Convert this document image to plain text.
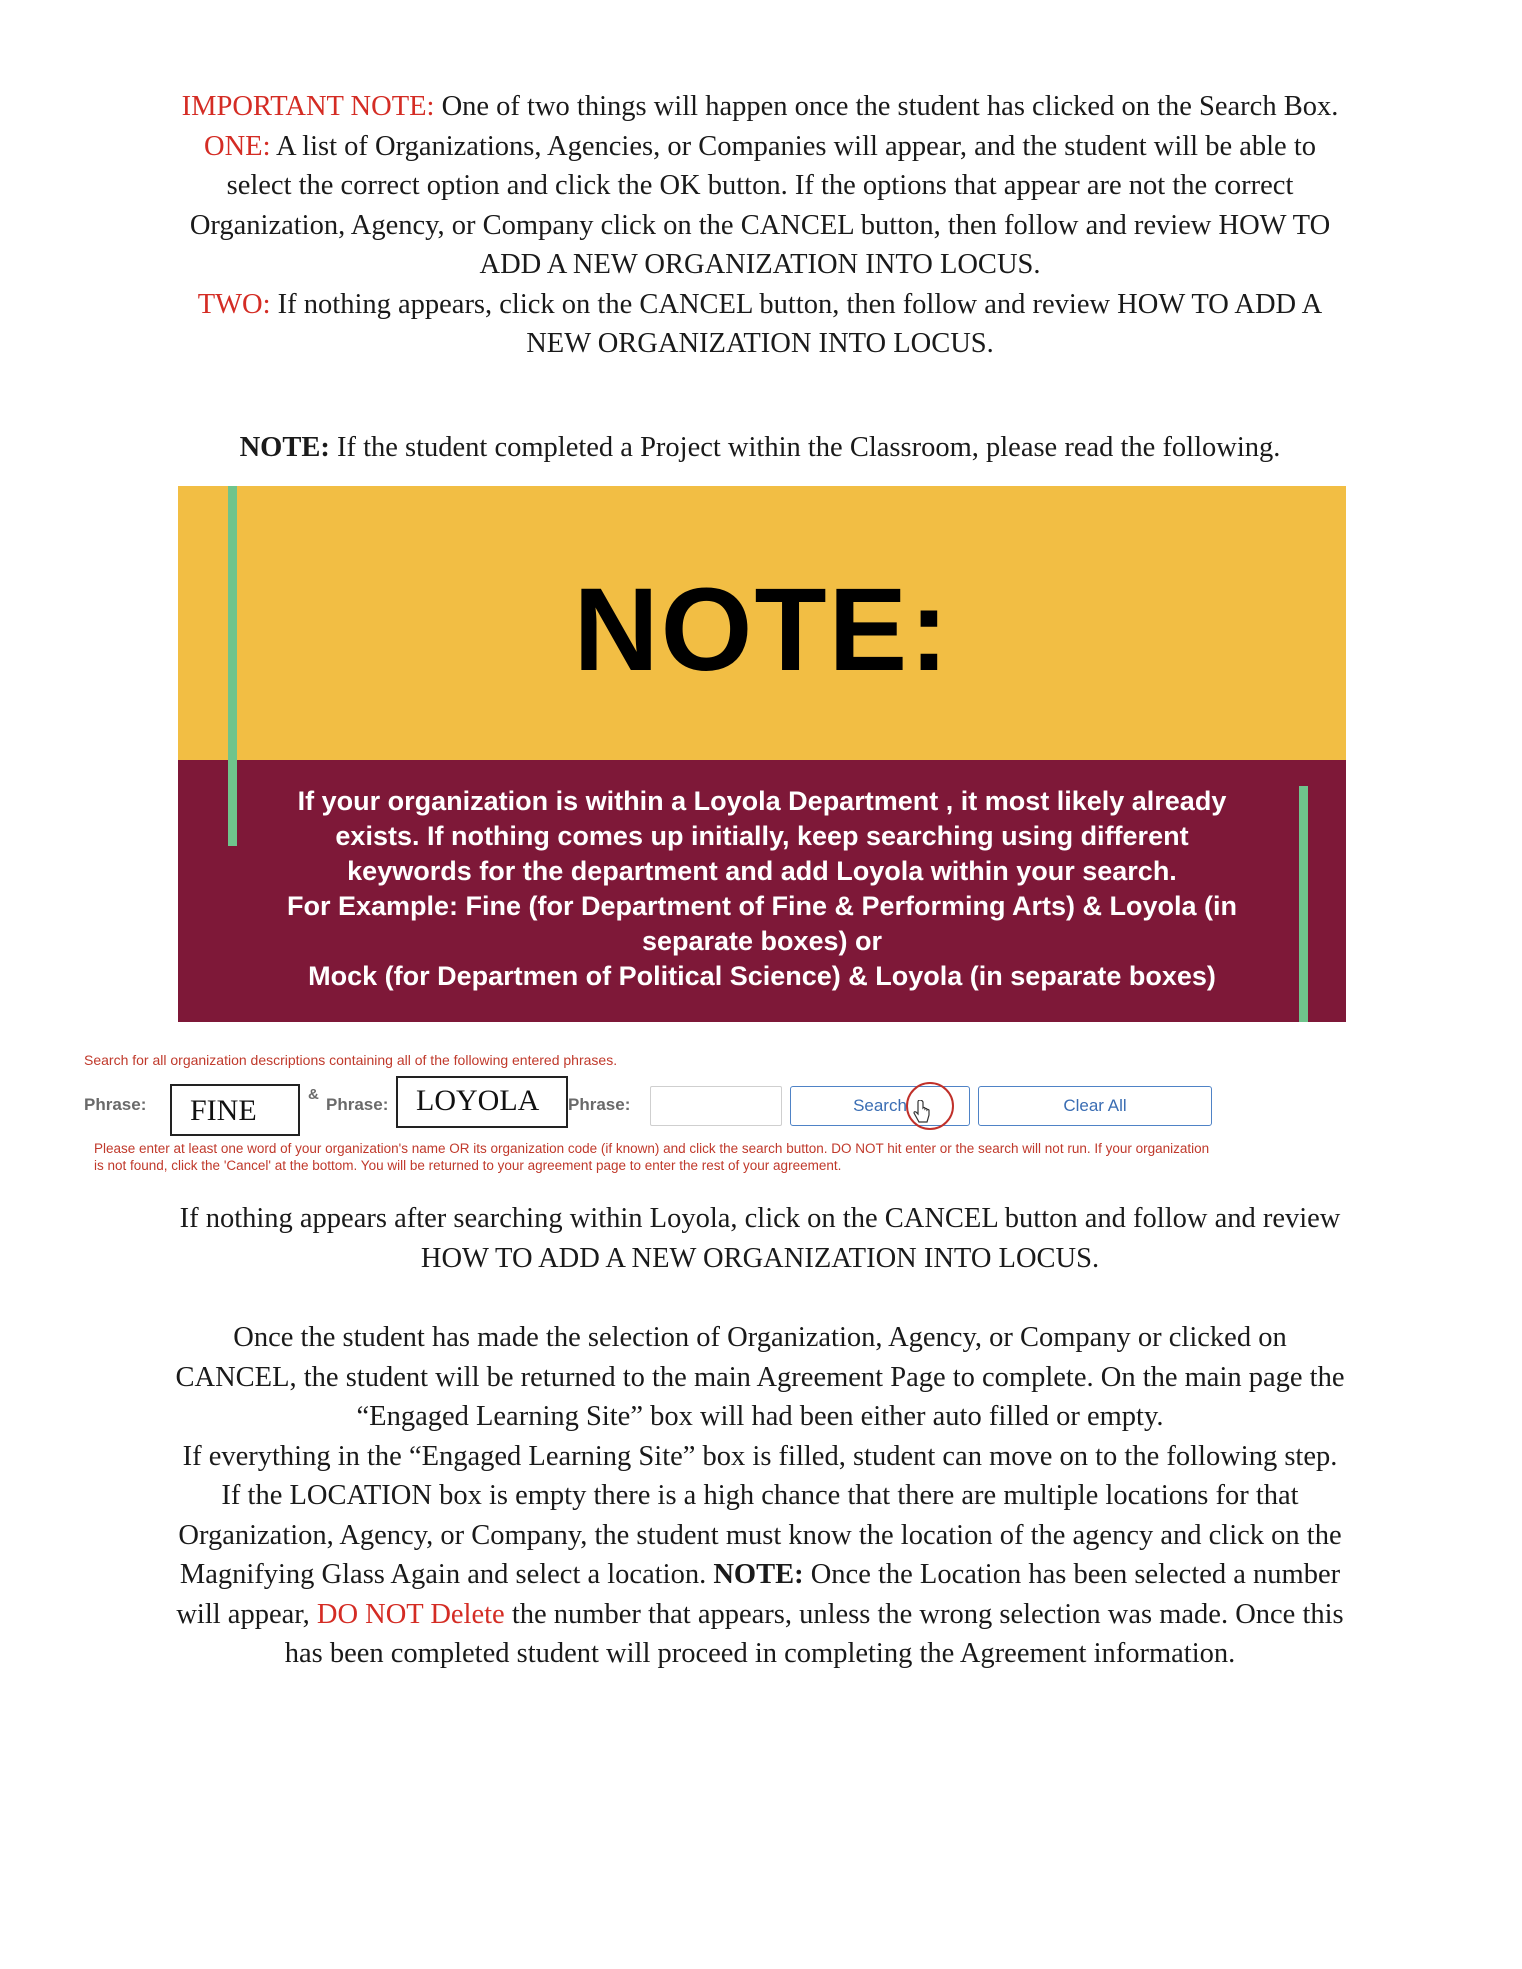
IMPORTANT NOTE: One of two things will happen once the student has clicked on the Search Box. ONE: A list of Organizations, Agencies, or Companies will appear, and the student will be able to select the correct option and click the OK button. If the options that appear are not the correct Organization, Agency, or Company click on the CANCEL button, then follow and review HOW TO ADD A NEW ORGANIZATION INTO LOCUS.
TWO: If nothing appears, click on the CANCEL button, then follow and review HOW TO ADD A NEW ORGANIZATION INTO LOCUS.

NOTE: If the student completed a Project within the Classroom, please read the following.

NOTE:

If your organization is within a Loyola Department , it most likely already
exists. If nothing comes up initially, keep searching using different
keywords for the department and add Loyola within your search.
For Example: Fine (for Department of Fine & Performing Arts) & Loyola (in
separate boxes) or
Mock (for Departmen of Political Science) & Loyola (in separate boxes)

Search for all organization descriptions containing all of the following entered phrases.
Phrase:	FINE	&
Phrase: LOYOLA	Phrase:	Search	Clear All

Please enter at least one word of your organization's name OR its organization code (if known) and click the search button. DO NOT hit enter or the search will not run. If your organization
is not found, click the 'Cancel' at the bottom. You will be returned to your agreement page to enter the rest of your agreement.

If nothing appears after searching within Loyola, click on the CANCEL button and follow and review HOW TO ADD A NEW ORGANIZATION INTO LOCUS.

Once the student has made the selection of Organization, Agency, or Company or clicked on CANCEL, the student will be returned to the main Agreement Page to complete. On the main page the “Engaged Learning Site” box will had been either auto filled or empty.
If everything in the “Engaged Learning Site” box is filled, student can move on to the following step. If the LOCATION box is empty there is a high chance that there are multiple locations for that Organization, Agency, or Company, the student must know the location of the agency and click on the Magnifying Glass Again and select a location. NOTE: Once the Location has been selected a number will appear, DO NOT Delete the number that appears, unless the wrong selection was made. Once this has been completed student will proceed in completing the Agreement information.
